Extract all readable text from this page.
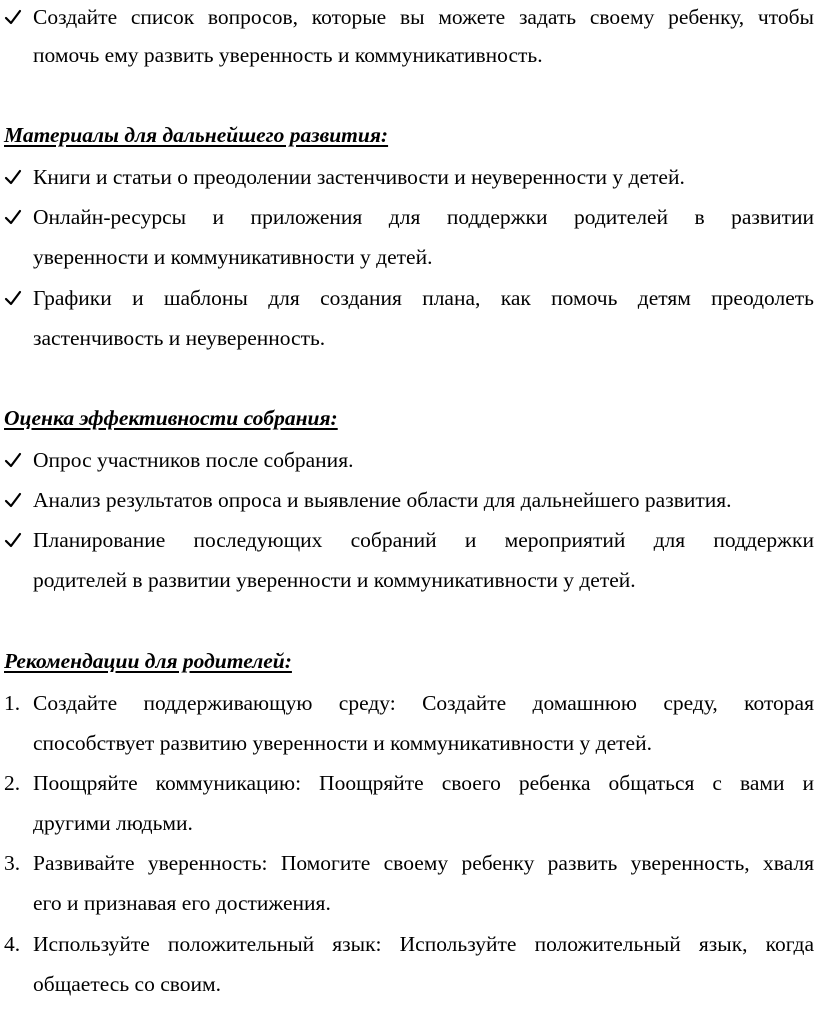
Создайте список вопросов, которые вы можете задать своему ребенку, чтобы
помочь ему развить уверенность и коммуникативность.
Материалы для дальнейшего развития:
Книги и статьи о преодолении застенчивости и неуверенности у детей.
Онлайн-ресурсы и приложения для поддержки родителей в развитии
уверенности и коммуникативности у детей.
Графики и шаблоны для создания плана, как помочь детям преодолеть
застенчивость и неуверенность.
Оценка эффективности собрания:
Опрос участников после собрания.
Анализ результатов опроса и выявление области для дальнейшего развития.
Планирование последующих собраний и мероприятий для поддержки
родителей в развитии уверенности и коммуникативности у детей.
Рекомендации для родителей:
1. Создайте поддерживающую среду: Создайте домашнюю среду, которая
способствует развитию уверенности и коммуникативности у детей.
2. Поощряйте коммуникацию: Поощряйте своего ребенка общаться с вами и
другими людьми.
3. Развивайте уверенность: Помогите своему ребенку развить уверенность, хваля
его и признавая его достижения.
4. Используйте положительный язык: Используйте положительный язык, когда
общаетесь со своим.
